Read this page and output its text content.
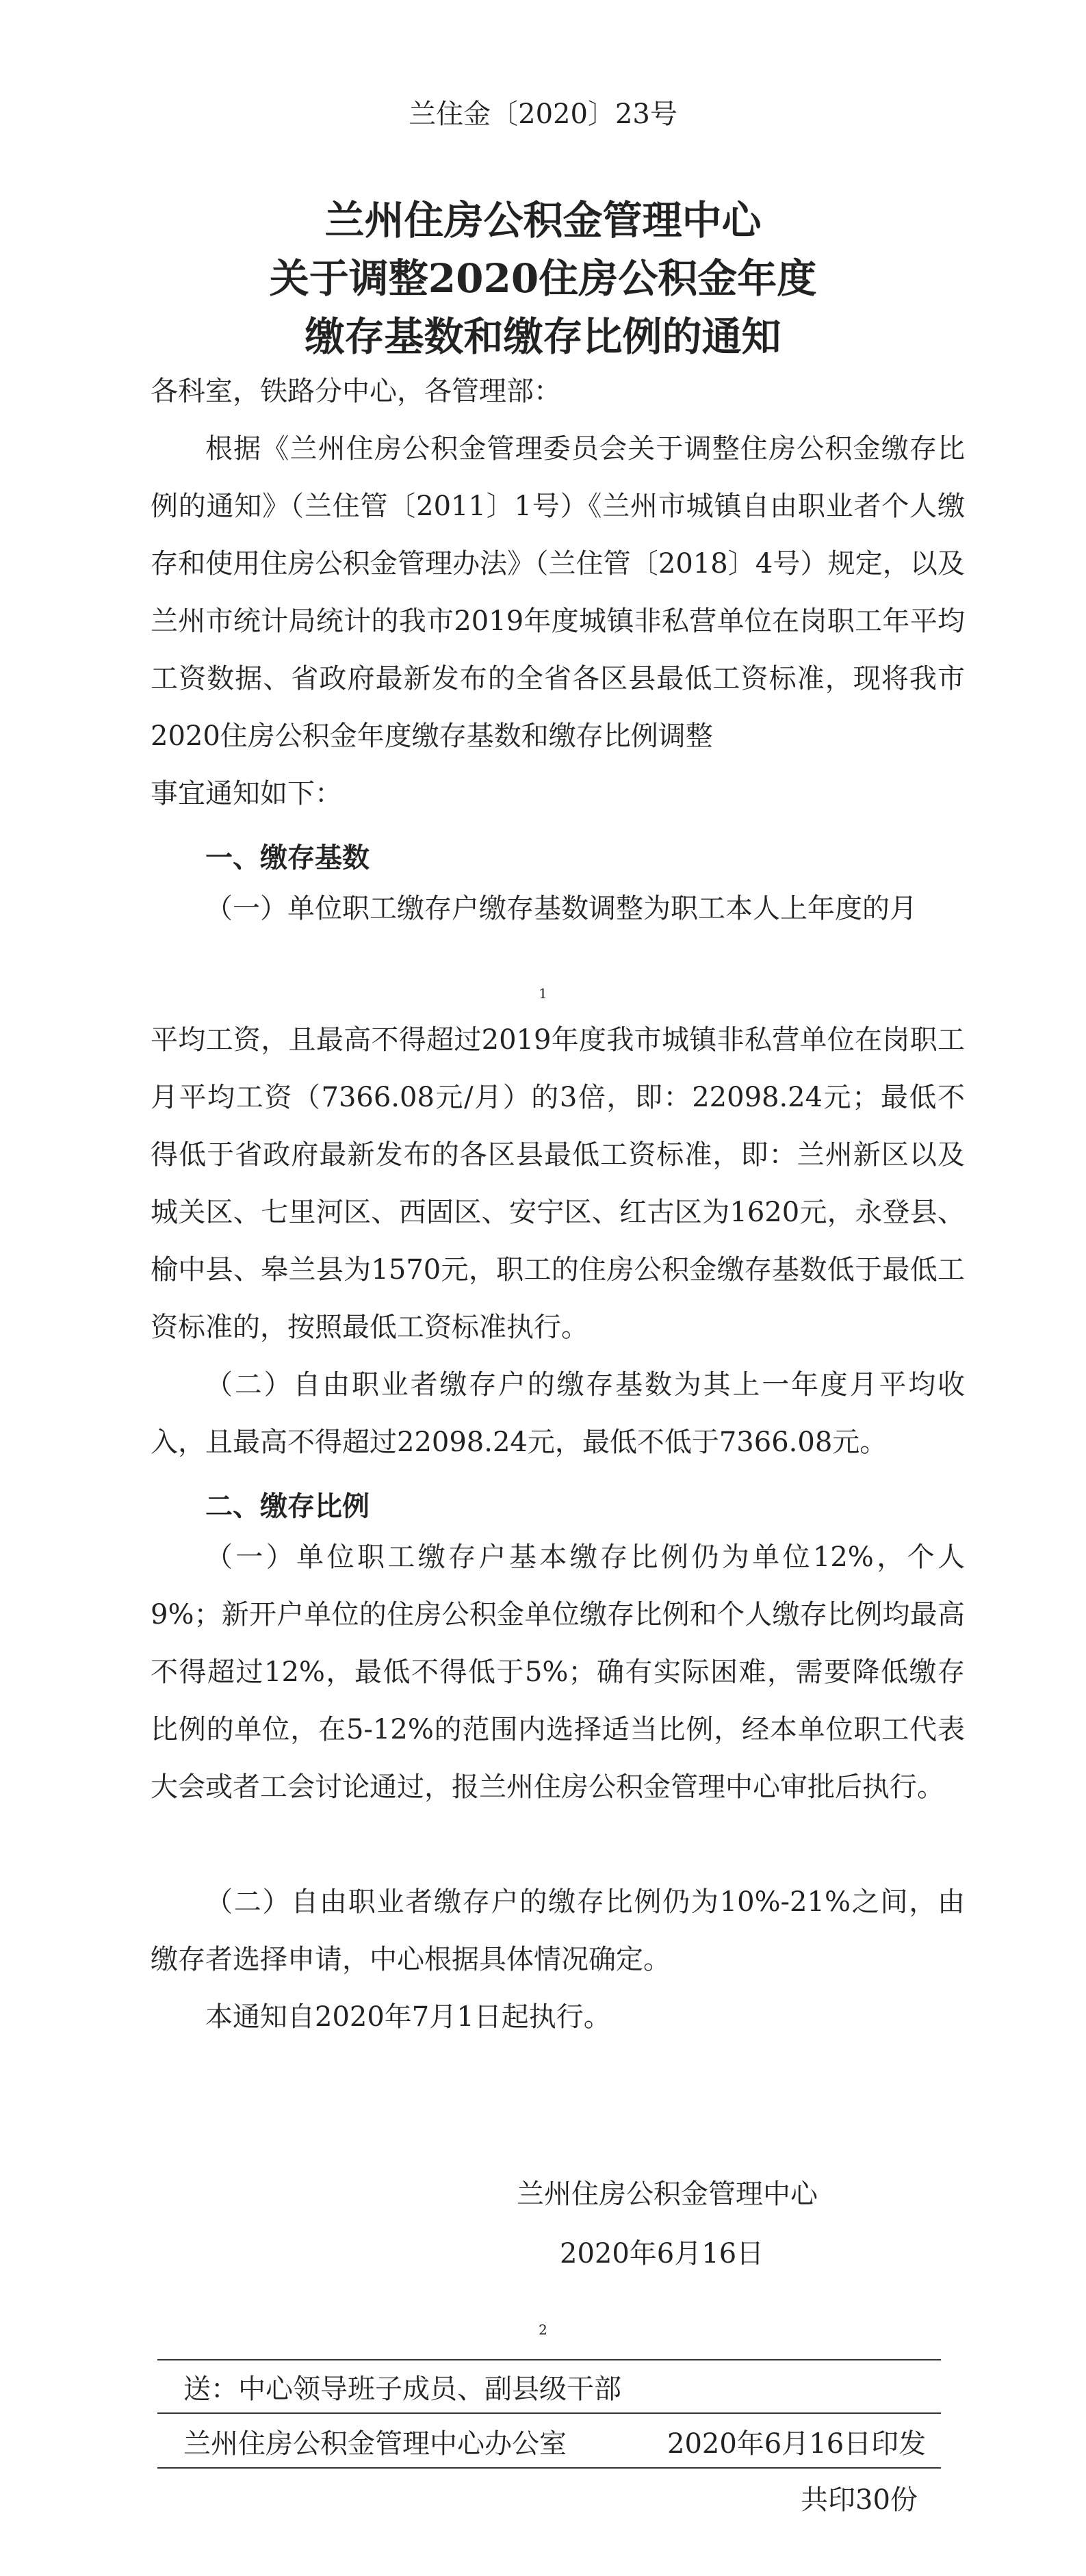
兰住金〔2020〕23号
兰州住房公积金管理中心
关于调整2020住房公积金年度
缴存基数和缴存比例的通知

各科室，铁路分中心，各管理部：

根据《兰州住房公积金管理委员会关于调整住房公积金缴存比例的通知》（兰住管〔2011〕1号）《兰州市城镇自由职业者个人缴存和使用住房公积金管理办法》（兰住管〔2018〕4号）规定，以及兰州市统计局统计的我市2019年度城镇非私营单位在岗职工年平均工资数据、省政府最新发布的全省各区县最低工资标准，现将我市2020住房公积金年度缴存基数和缴存比例调整

事宜通知如下：

一、缴存基数

（一）单位职工缴存户缴存基数调整为职工本人上年度的月

1

平均工资，且最高不得超过2019年度我市城镇非私营单位在岗职工月平均工资（7366.08元/月）的3倍，即：22098.24元；最低不得低于省政府最新发布的各区县最低工资标准，即：兰州新区以及城关区、七里河区、西固区、安宁区、红古区为1620元，永登县、榆中县、皋兰县为1570元，职工的住房公积金缴存基数低于最低工资标准的，按照最低工资标准执行。

（二）自由职业者缴存户的缴存基数为其上一年度月平均收入，且最高不得超过22098.24元，最低不低于7366.08元。

二、缴存比例

（一）单位职工缴存户基本缴存比例仍为单位12%，个人9%；新开户单位的住房公积金单位缴存比例和个人缴存比例均最高不得超过12%，最低不得低于5%；确有实际困难，需要降低缴存比例的单位，在5-12%的范围内选择适当比例，经本单位职工代表大会或者工会讨论通过，报兰州住房公积金管理中心审批后执行。

（二）自由职业者缴存户的缴存比例仍为10%-21%之间，由缴存者选择申请，中心根据具体情况确定。

本通知自2020年7月1日起执行。

兰州住房公积金管理中心
2020年6月16日
2
送：中心领导班子成员、副县级干部
兰州住房公积金管理中心办公室	2020年6月16日印发
共印30份
